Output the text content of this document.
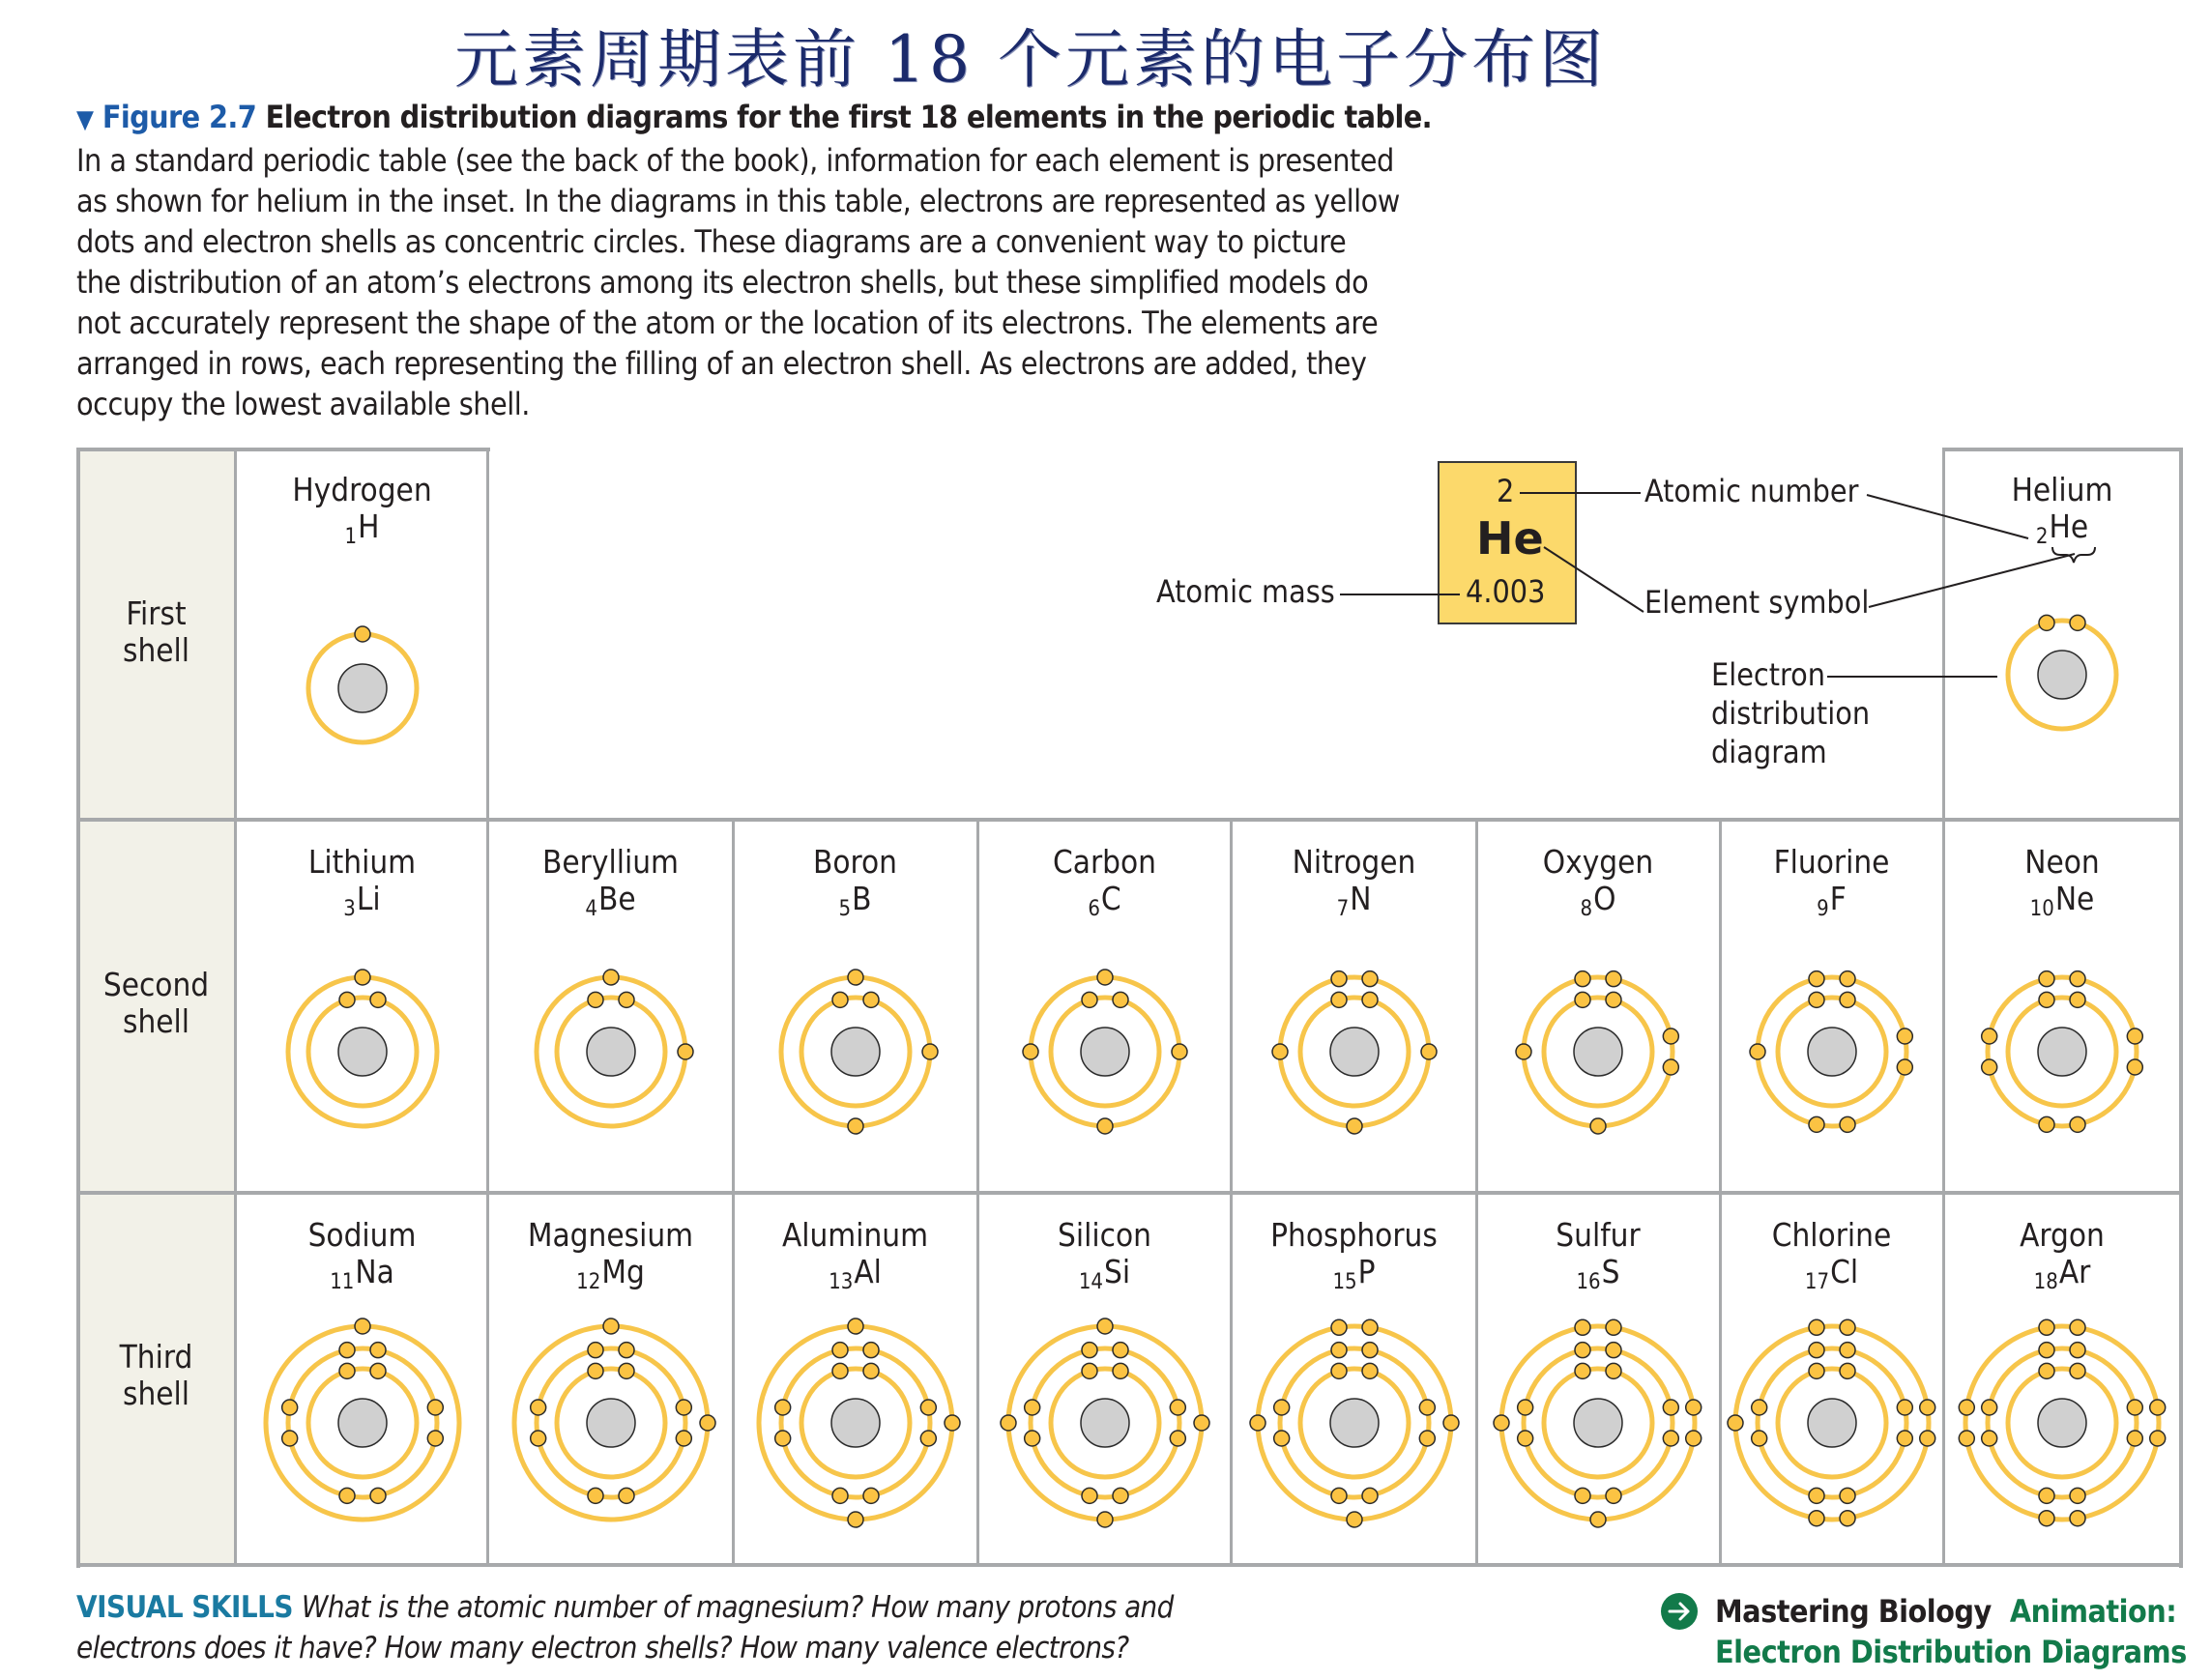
元素周期表前 18 个元素的电子分布图
▼ Figure 2.7 Electron distribution diagrams for the first 18 elements in the periodic table.
In a standard periodic table (see the back of the book), information for each element is presented
as shown for helium in the inset. In the diagrams in this table, electrons are represented as yellow
dots and electron shells as concentric circles. These diagrams are a convenient way to picture
the distribution of an atom’s electrons among its electron shells, but these simplified models do
not accurately represent the shape of the atom or the location of its electrons. The elements are
arranged in rows, each representing the filling of an electron shell. As electrons are added, they
occupy the lowest available shell.
First
shell
Second
shell
Third
shell
Hydrogen
$_1$H
Helium
$_2$He
Lithium
$_3$Li
Beryllium
$_4$Be
Boron
$_5$B
Carbon
$_6$C
Nitrogen
$_7$N
Oxygen
$_8$O
Fluorine
$_9$F
Neon
$_{10}$Ne
Sodium
$_{11}$Na
Magnesium
$_{12}$Mg
Aluminum
$_{13}$Al
Silicon
$_{14}$Si
Phosphorus
$_{15}$P
Sulfur
$_{16}$S
Chlorine
$_{17}$Cl
Argon
$_{18}$Ar
2
He
4.003
Atomic number
Element symbol
Atomic mass
Electron
distribution
diagram
VISUAL SKILLS What is the atomic number of magnesium? How many protons and
electrons does it have? How many electron shells? How many valence electrons?
Mastering Biology Animation:
Electron Distribution Diagrams
